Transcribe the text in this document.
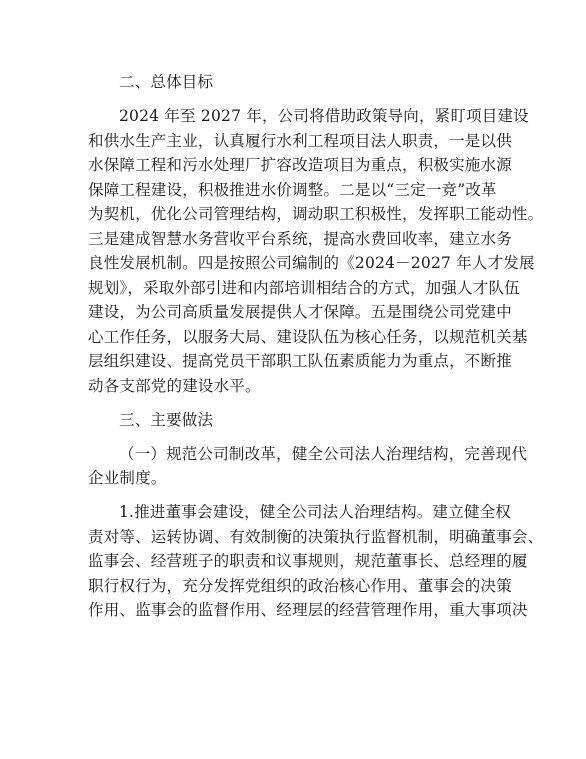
二、总体目标
2024 年至 2027 年，公司将借助政策导向，紧盯项目建设
和供水生产主业，认真履行水利工程项目法人职责，一是以供
水保障工程和污水处理厂扩容改造项目为重点，积极实施水源
保障工程建设，积极推进水价调整。二是以“三定一竞”改革
为契机，优化公司管理结构，调动职工积极性，发挥职工能动性。
三是建成智慧水务营收平台系统，提高水费回收率，建立水务
良性发展机制。四是按照公司编制的《2024－2027 年人才发展
规划》，采取外部引进和内部培训相结合的方式，加强人才队伍
建设，为公司高质量发展提供人才保障。五是围绕公司党建中
心工作任务，以服务大局、建设队伍为核心任务，以规范机关基
层组织建设、提高党员干部职工队伍素质能力为重点，不断推
动各支部党的建设水平。
三、主要做法
（一）规范公司制改革，健全公司法人治理结构，完善现代
企业制度。
1.推进董事会建设，健全公司法人治理结构。建立健全权
责对等、运转协调、有效制衡的决策执行监督机制，明确董事会、
监事会、经营班子的职责和议事规则，规范董事长、总经理的履
职行权行为，充分发挥党组织的政治核心作用、董事会的决策
作用、监事会的监督作用、经理层的经营管理作用，重大事项决
